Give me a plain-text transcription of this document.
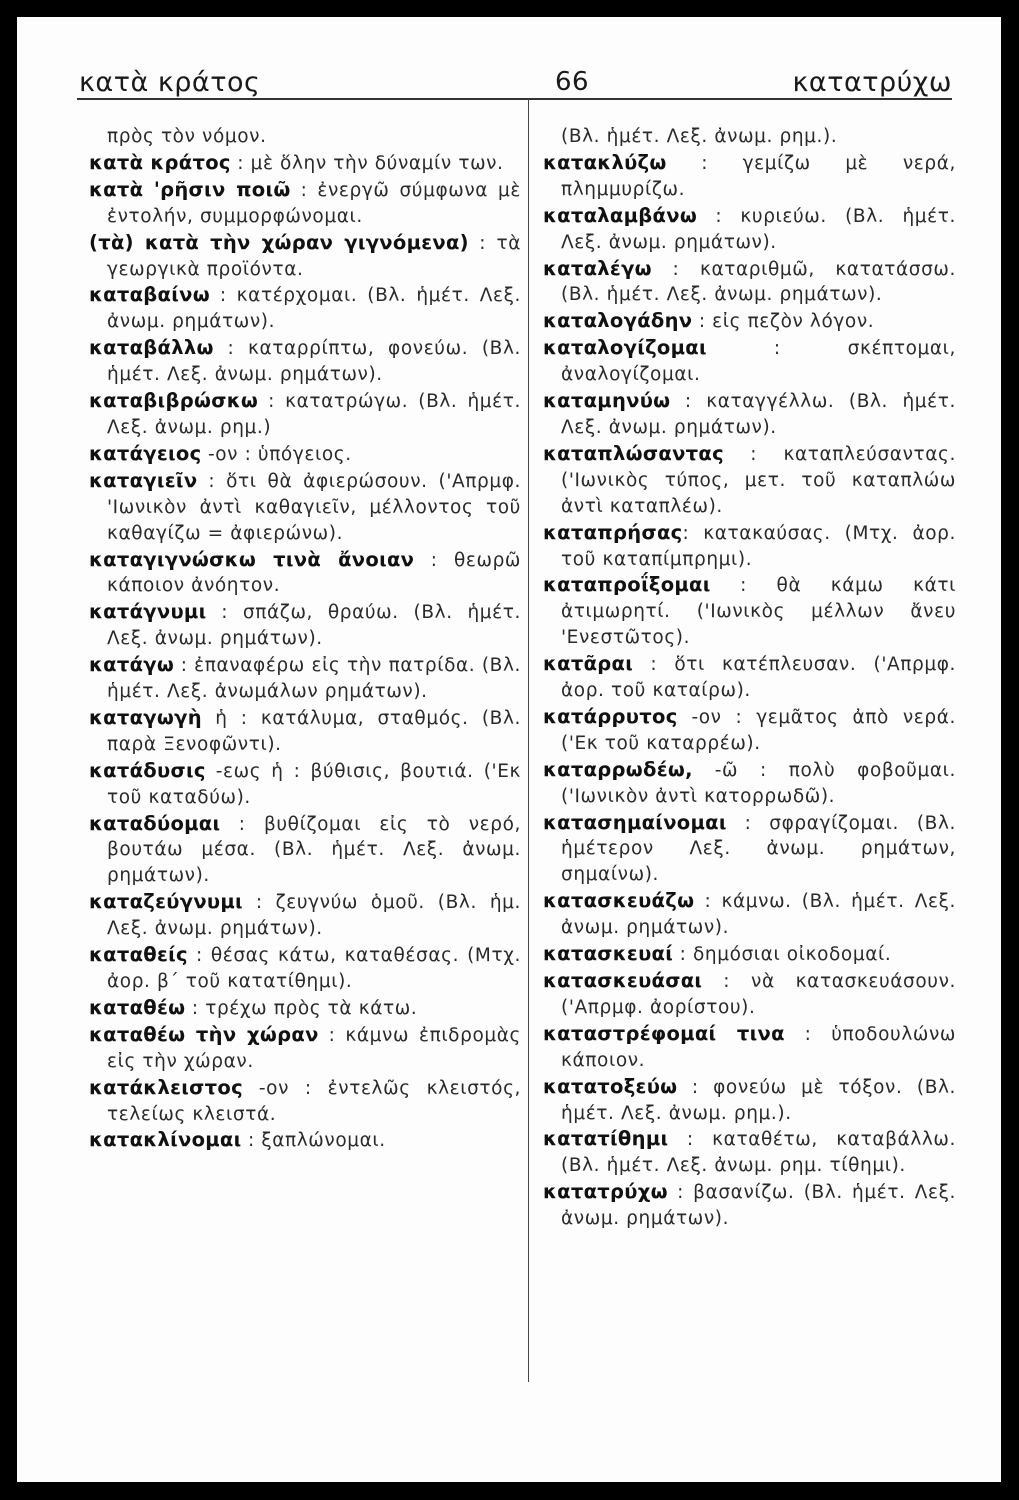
κατὰ κράτος	66	κατατρύχω

πρὸς τὸν νόμον.

κατὰ κράτος : μὲ ὅλην τὴν δύναμίν των.

κατὰ 'ρῆσιν ποιῶ : ἐνεργῶ σύμφωνα μὲ ἐντολήν, συμμορφώνομαι.

(τὰ) κατὰ τὴν χώραν γιγνόμενα) : τὰ γεωργικὰ προϊόντα.

καταβαίνω : κατέρχομαι. (Βλ. ἡμέτ. Λεξ. ἀνωμ. ρημάτων).

καταβάλλω : καταρρίπτω, φονεύω. (Βλ. ἡμέτ. Λεξ. ἀνωμ. ρημάτων).

καταβιβρώσκω : κατατρώγω. (Βλ. ἡμέτ. Λεξ. ἀνωμ. ρημ.)

κατάγειος -ον : ὑπόγειος.

καταγιεῖν : ὅτι θὰ ἀφιερώσουν. ('Απρμφ. 'Ιωνικὸν ἀντὶ καθαγιεῖν, μέλλοντος τοῦ καθαγίζω = ἀφιερώνω).

καταγιγνώσκω τινὰ ἄνοιαν : θεωρῶ κάποιον ἀνόητον.

κατάγνυμι : σπάζω, θραύω. (Βλ. ἡμέτ. Λεξ. ἀνωμ. ρημάτων).

κατάγω : ἐπαναφέρω εἰς τὴν πατρίδα. (Βλ. ἡμέτ. Λεξ. ἀνωμάλων ρημάτων).

καταγωγὴ ἡ : κατάλυμα, σταθμός. (Βλ. παρὰ Ξενοφῶντι).

κατάδυσις -εως ἡ : βύθισις, βουτιά. ('Εκ τοῦ καταδύω).

καταδύομαι : βυθίζομαι εἰς τὸ νερό, βουτάω μέσα. (Βλ. ἡμέτ. Λεξ. ἀνωμ. ρημάτων).

καταζεύγνυμι : ζευγνύω ὁμοῦ. (Βλ. ἡμ. Λεξ. ἀνωμ. ρημάτων).

καταθείς : θέσας κάτω, καταθέσας. (Μτχ. ἀορ. β΄ τοῦ κατατίθημι).

καταθέω : τρέχω πρὸς τὰ κάτω.

καταθέω τὴν χώραν : κάμνω ἐπιδρομὰς εἰς τὴν χώραν.

κατάκλειστος -ον : ἐντελῶς κλειστός, τελείως κλειστά.

κατακλίνομαι : ξαπλώνομαι.

(Βλ. ἡμέτ. Λεξ. ἀνωμ. ρημ.).

κατακλύζω : γεμίζω μὲ νερά, πλημμυρίζω.

καταλαμβάνω : κυριεύω. (Βλ. ἡμέτ. Λεξ. ἀνωμ. ρημάτων).

καταλέγω : καταριθμῶ, κατατάσσω. (Βλ. ἡμέτ. Λεξ. ἀνωμ. ρημάτων).

καταλογάδην : εἰς πεζὸν λόγον.

καταλογίζομαι : σκέπτομαι, ἀναλογίζομαι.

καταμηνύω : καταγγέλλω. (Βλ. ἡμέτ. Λεξ. ἀνωμ. ρημάτων).

καταπλώσαντας : καταπλεύσαντας. ('Ιωνικὸς τύπος, μετ. τοῦ καταπλώω ἀντὶ καταπλέω).

καταπρήσας: κατακαύσας. (Μτχ. ἀορ. τοῦ καταπίμπρημι).

καταπροΐξομαι : θὰ κάμω κάτι ἀτιμωρητί. ('Ιωνικὸς μέλλων ἄνευ 'Ενεστῶτος).

κατᾶραι : ὅτι κατέπλευσαν. ('Απρμφ. ἀορ. τοῦ καταίρω).

κατάρρυτος -ον : γεμᾶτος ἀπὸ νερά. ('Εκ τοῦ καταρρέω).

καταρρωδέω, -ῶ : πολὺ φοβοῦμαι. ('Ιωνικὸν ἀντὶ κατορρωδῶ).

κατασημαίνομαι : σφραγίζομαι. (Βλ. ἡμέτερον Λεξ. ἀνωμ. ρημάτων, σημαίνω).

κατασκευάζω : κάμνω. (Βλ. ἡμέτ. Λεξ. ἀνωμ. ρημάτων).

κατασκευαί : δημόσιαι οἰκοδομαί.

κατασκευάσαι : νὰ κατασκευάσουν. ('Απρμφ. ἀορίστου).

καταστρέφομαί τινα : ὑποδουλώνω κάποιον.

κατατοξεύω : φονεύω μὲ τόξον. (Βλ. ἡμέτ. Λεξ. ἀνωμ. ρημ.).

κατατίθημι : καταθέτω, καταβάλλω. (Βλ. ἡμέτ. Λεξ. ἀνωμ. ρημ. τίθημι).

κατατρύχω : βασανίζω. (Βλ. ἡμέτ. Λεξ. ἀνωμ. ρημάτων).
